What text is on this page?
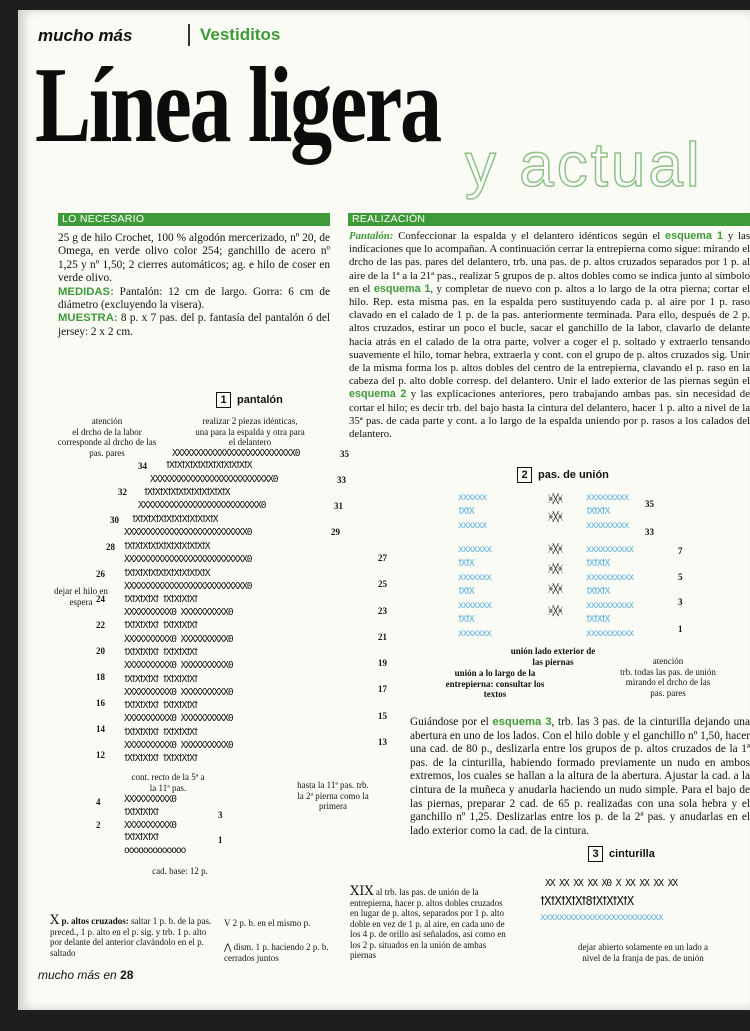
mucho más	Vestiditos
Línea ligera
y actual
LO NECESARIO

25 g de hilo Crochet, 100 % algodón mercerizado, nº 20, de Omega, en verde olivo color 254; ganchillo de acero nº 1,25 y nº 1,50; 2 cierres automáticos; ag. e hilo de coser en verde olivo.

MEDIDAS: Pantalón: 12 cm de largo. Gorra: 6 cm de diámetro (excluyendo la visera).

MUESTRA: 8 p. x 7 pas. del p. fantasía del pantalón ó del jersey: 2 x 2 cm.

REALIZACIÓN
Pantalón: Confeccionar la espalda y el delantero idénticos según el esquema 1 y las indicaciones que lo acompañan. A continuación cerrar la entrepierna como sigue: mirando el drcho de las pas. pares del delantero, trb. una pas. de p. altos cruzados separados por 1 p. al aire de la 1ª a la 21ª pas., realizar 5 grupos de p. altos dobles como se indica junto al símbolo en el esquema 1, y completar de nuevo con p. altos a lo largo de la otra pierna; cortar el hilo. Rep. esta misma pas. en la espalda pero sustituyendo cada p. al aire por 1 p. raso clavado en el calado de 1 p. de la pas. anteriormente terminada. Para ello, después de 2 p. altos cruzados, estirar un poco el bucle, sacar el ganchillo de la labor, clavarlo de delante hacia atrás en el calado de la otra parte, volver a coger el p. soltado y extraerlo tensando suavemente el hilo, tomar hebra, extraerla y cont. con el grupo de p. altos cruzados sig. Unir de la misma forma los p. altos dobles del centro de la entrepierna, clavando el p. raso en la cabeza del p. alto doble corresp. del delantero. Unir el lado exterior de las piernas según el esquema 2 y las explicaciones anteriores, pero trabajando ambas pas. sin necesidad de cortar el hilo; es decir trb. del bajo hasta la cintura del delantero, hacer 1 p. alto a nivel de la 35ª pas. de cada parte y cont. a lo largo de la espalda uniendo por p. rasos a los calados del delantero.
1 pantalón
atención
el drcho de la labor corresponde al drcho de las pas. pares
realizar 2 piezas idénticas, una para la espalda y otra para el delantero
dejar el hilo en espera
cont. recto de la 5ª a la 11ª pas.	hasta la 11ª pas. trb. la 2ª pierna como la primera
cad. base: 12 p.
34
32
30
28
26
24
22
20
18
16
14
12
4
2
35
33
31
29
27
25
23
21
19
17
15
13
3
1
XXXXXXXXXXXXXXXXXXXXXXXXXX0
ꝉXꝉXꝉXꝉXꝉXꝉXꝉXꝉXꝉXꝉXꝉX
XXXXXXXXXXXXXXXXXXXXXXXXXX0
ꝉXꝉXꝉXꝉXꝉXꝉXꝉXꝉXꝉXꝉXꝉX
XXXXXXXXXXXXXXXXXXXXXXXXXX0
ꝉXꝉXꝉXꝉXꝉXꝉXꝉXꝉXꝉXꝉXꝉX
XXXXXXXXXXXXXXXXXXXXXXXXXX0
ꝉXꝉXꝉXꝉXꝉXꝉXꝉXꝉXꝉXꝉXꝉX
XXXXXXXXXXXXXXXXXXXXXXXXXX0
ꝉXꝉXꝉXꝉXꝉXꝉXꝉXꝉXꝉXꝉXꝉX
XXXXXXXXXXXXXXXXXXXXXXXXXX0
ꝉXꝉXꝉXꝉXꝉ ꝉXꝉXꝉXꝉXꝉ
XXXXXXXXXX0 XXXXXXXXXX0
ꝉXꝉXꝉXꝉXꝉ ꝉXꝉXꝉXꝉXꝉ
XXXXXXXXXX0 XXXXXXXXXX0
ꝉXꝉXꝉXꝉXꝉ ꝉXꝉXꝉXꝉXꝉ
XXXXXXXXXX0 XXXXXXXXXX0
ꝉXꝉXꝉXꝉXꝉ ꝉXꝉXꝉXꝉXꝉ
XXXXXXXXXX0 XXXXXXXXXX0
ꝉXꝉXꝉXꝉXꝉ ꝉXꝉXꝉXꝉXꝉ
XXXXXXXXXX0 XXXXXXXXXX0
ꝉXꝉXꝉXꝉXꝉ ꝉXꝉXꝉXꝉXꝉ
XXXXXXXXXX0 XXXXXXXXXX0
ꝉXꝉXꝉXꝉXꝉ ꝉXꝉXꝉXꝉXꝉ
XXXXXXXXXX0
ꝉXꝉXꝉXꝉXꝉ
XXXXXXXXXX0
ꝉXꝉXꝉXꝉXꝉ
ooooooooooooo
2 pas. de unión
35
33
7
5
3
1
xxxxxx	xxxxxxxxx
ꝉXꝉX	ꝉXꝉXꝉX
xxxxxx	xxxxxxxxx
xxxxxxx	xxxxxxxxxx
ꝉXꝉX	ꝉXꝉXꝉX
xxxxxxx	xxxxxxxxxx
ꝉXꝉX	ꝉXꝉXꝉX
xxxxxxx	xxxxxxxxxx
ꝉXꝉX	ꝉXꝉXꝉX
xxxxxxx	xxxxxxxxxx
ᚸ╳ᚸ
ᚸ╳ᚸ
ᚸ╳ᚸ
ᚸ╳ᚸ
ᚸ╳ᚸ
ᚸ╳ᚸ
unión lado exterior de las piernas
unión a lo largo de la entrepierna: consultar los textos
atención
trb. todas las pas. de unión mirando el drcho de las pas. pares
Guiándose por el esquema 3, trb. las 3 pas. de la cinturilla dejando una abertura en uno de los lados. Con el hilo doble y el ganchillo nº 1,50, hacer una cad. de 80 p., deslizarla entre los grupos de p. altos cruzados de la 1ª pas. de la cinturilla, habiendo formado previamente un nudo en ambos extremos, los cuales se hallan a la altura de la abertura. Ajustar la cad. a la cintura de la muñeca y anudarla haciendo un nudo simple. Para el bajo de las piernas, preparar 2 cad. de 65 p. realizadas con una sola hebra y el ganchillo nº 1,25. Deslizarlas entre los p. de la 2ª pas. y anudarlas en el lado exterior como la cad. de la cintura.
3 cinturilla
XX XX XX XX X0 X XX XX XX XX
ꝉXꝉXꝉXꝉXꝉ8ꝉXꝉXꝉXꝉX
xxxxxxxxxxxxxxxxxxxxxxxxxx
dejar abierto solamente en un lado a nivel de la franja de pas. de unión
Ⅹ p. altos cruzados: saltar 1 p. b. de la pas. preced., 1 p. alto en el p. sig. y trb. 1 p. alto por delante del anterior clavándolo en el p. saltado
V 2 p. b. en el mismo p.
⋀ dism. 1 p. haciendo 2 p. b. cerrados juntos
ⅩⅠⅩ al trb. las pas. de unión de la entrepierna, hacer p. altos dobles cruzados en lugar de p. altos, separados por 1 p. alto doble en vez de 1 p. al aire, en cada uno de los 4 p. de orillo así señalados, así como en los 2 p. situados en la unión de ambas piernas
mucho más en 28
